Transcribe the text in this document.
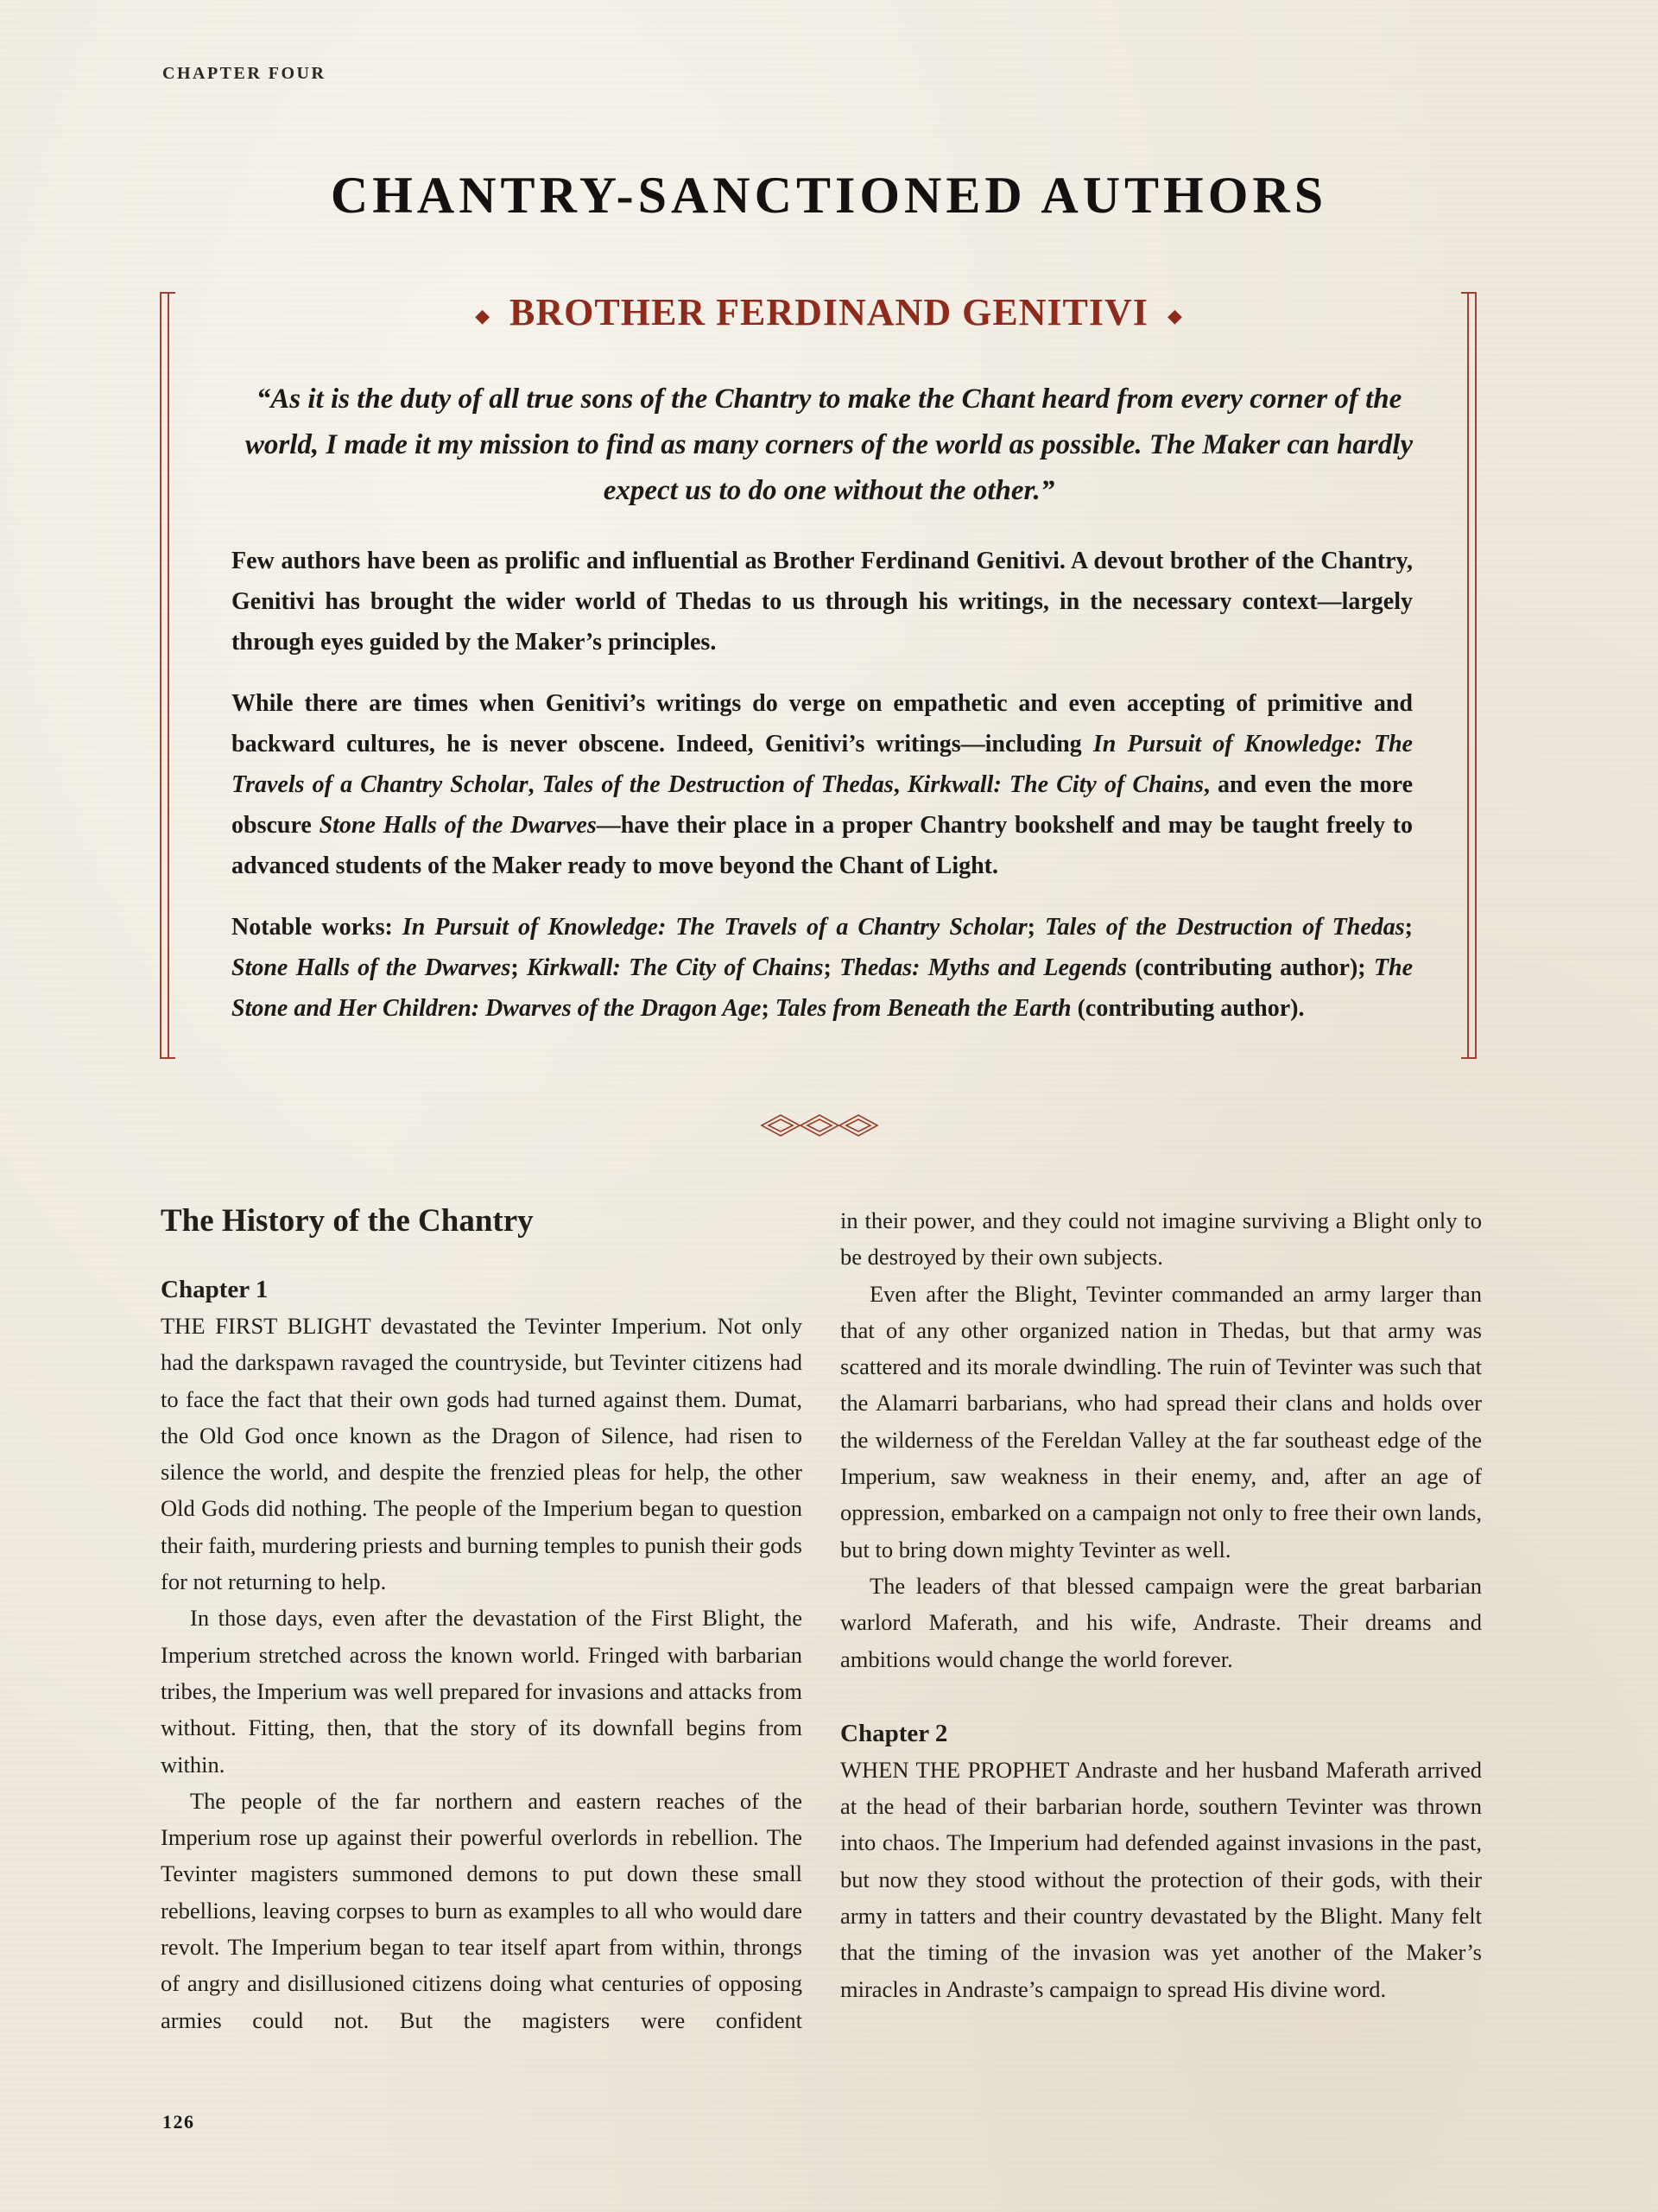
CHAPTER FOUR
CHANTRY-SANCTIONED AUTHORS
◆ BROTHER FERDINAND GENITIVI ◆
“As it is the duty of all true sons of the Chantry to make the Chant heard from every corner of the world, I made it my mission to find as many corners of the world as possible. The Maker can hardly expect us to do one without the other.”

Few authors have been as prolific and influential as Brother Ferdinand Genitivi. A devout brother of the Chantry, Genitivi has brought the wider world of Thedas to us through his writings, in the necessary context—largely through eyes guided by the Maker’s principles.

While there are times when Genitivi’s writings do verge on empathetic and even accepting of primitive and backward cultures, he is never obscene. Indeed, Genitivi’s writings—including In Pursuit of Knowledge: The Travels of a Chantry Scholar, Tales of the Destruction of Thedas, Kirkwall: The City of Chains, and even the more obscure Stone Halls of the Dwarves—have their place in a proper Chantry bookshelf and may be taught freely to advanced students of the Maker ready to move beyond the Chant of Light.

Notable works: In Pursuit of Knowledge: The Travels of a Chantry Scholar; Tales of the Destruction of Thedas; Stone Halls of the Dwarves; Kirkwall: The City of Chains; Thedas: Myths and Legends (contributing author); The Stone and Her Children: Dwarves of the Dragon Age; Tales from Beneath the Earth (contributing author).

The History of the Chantry
Chapter 1

THE FIRST BLIGHT devastated the Tevinter Imperium. Not only had the darkspawn ravaged the countryside, but Tevinter citizens had to face the fact that their own gods had turned against them. Dumat, the Old God once known as the Dragon of Silence, had risen to silence the world, and despite the frenzied pleas for help, the other Old Gods did nothing. The people of the Imperium began to question their faith, murdering priests and burning temples to punish their gods for not returning to help.

In those days, even after the devastation of the First Blight, the Imperium stretched across the known world. Fringed with barbarian tribes, the Imperium was well prepared for invasions and attacks from without. Fitting, then, that the story of its downfall begins from within.

The people of the far northern and eastern reaches of the Imperium rose up against their powerful overlords in rebellion. The Tevinter magisters summoned demons to put down these small rebellions, leaving corpses to burn as examples to all who would dare revolt. The Imperium began to tear itself apart from within, throngs of angry and disillusioned citizens doing what centuries of opposing armies could not. But the magisters were confident

in their power, and they could not imagine surviving a Blight only to be destroyed by their own subjects.

Even after the Blight, Tevinter commanded an army larger than that of any other organized nation in Thedas, but that army was scattered and its morale dwindling. The ruin of Tevinter was such that the Alamarri barbarians, who had spread their clans and holds over the wilderness of the Fereldan Valley at the far southeast edge of the Imperium, saw weakness in their enemy, and, after an age of oppression, embarked on a campaign not only to free their own lands, but to bring down mighty Tevinter as well.

The leaders of that blessed campaign were the great barbarian warlord Maferath, and his wife, Andraste. Their dreams and ambitions would change the world forever.

Chapter 2

WHEN THE PROPHET Andraste and her husband Maferath arrived at the head of their barbarian horde, southern Tevinter was thrown into chaos. The Imperium had defended against invasions in the past, but now they stood without the protection of their gods, with their army in tatters and their country devastated by the Blight. Many felt that the timing of the invasion was yet another of the Maker’s miracles in Andraste’s campaign to spread His divine word.

126
